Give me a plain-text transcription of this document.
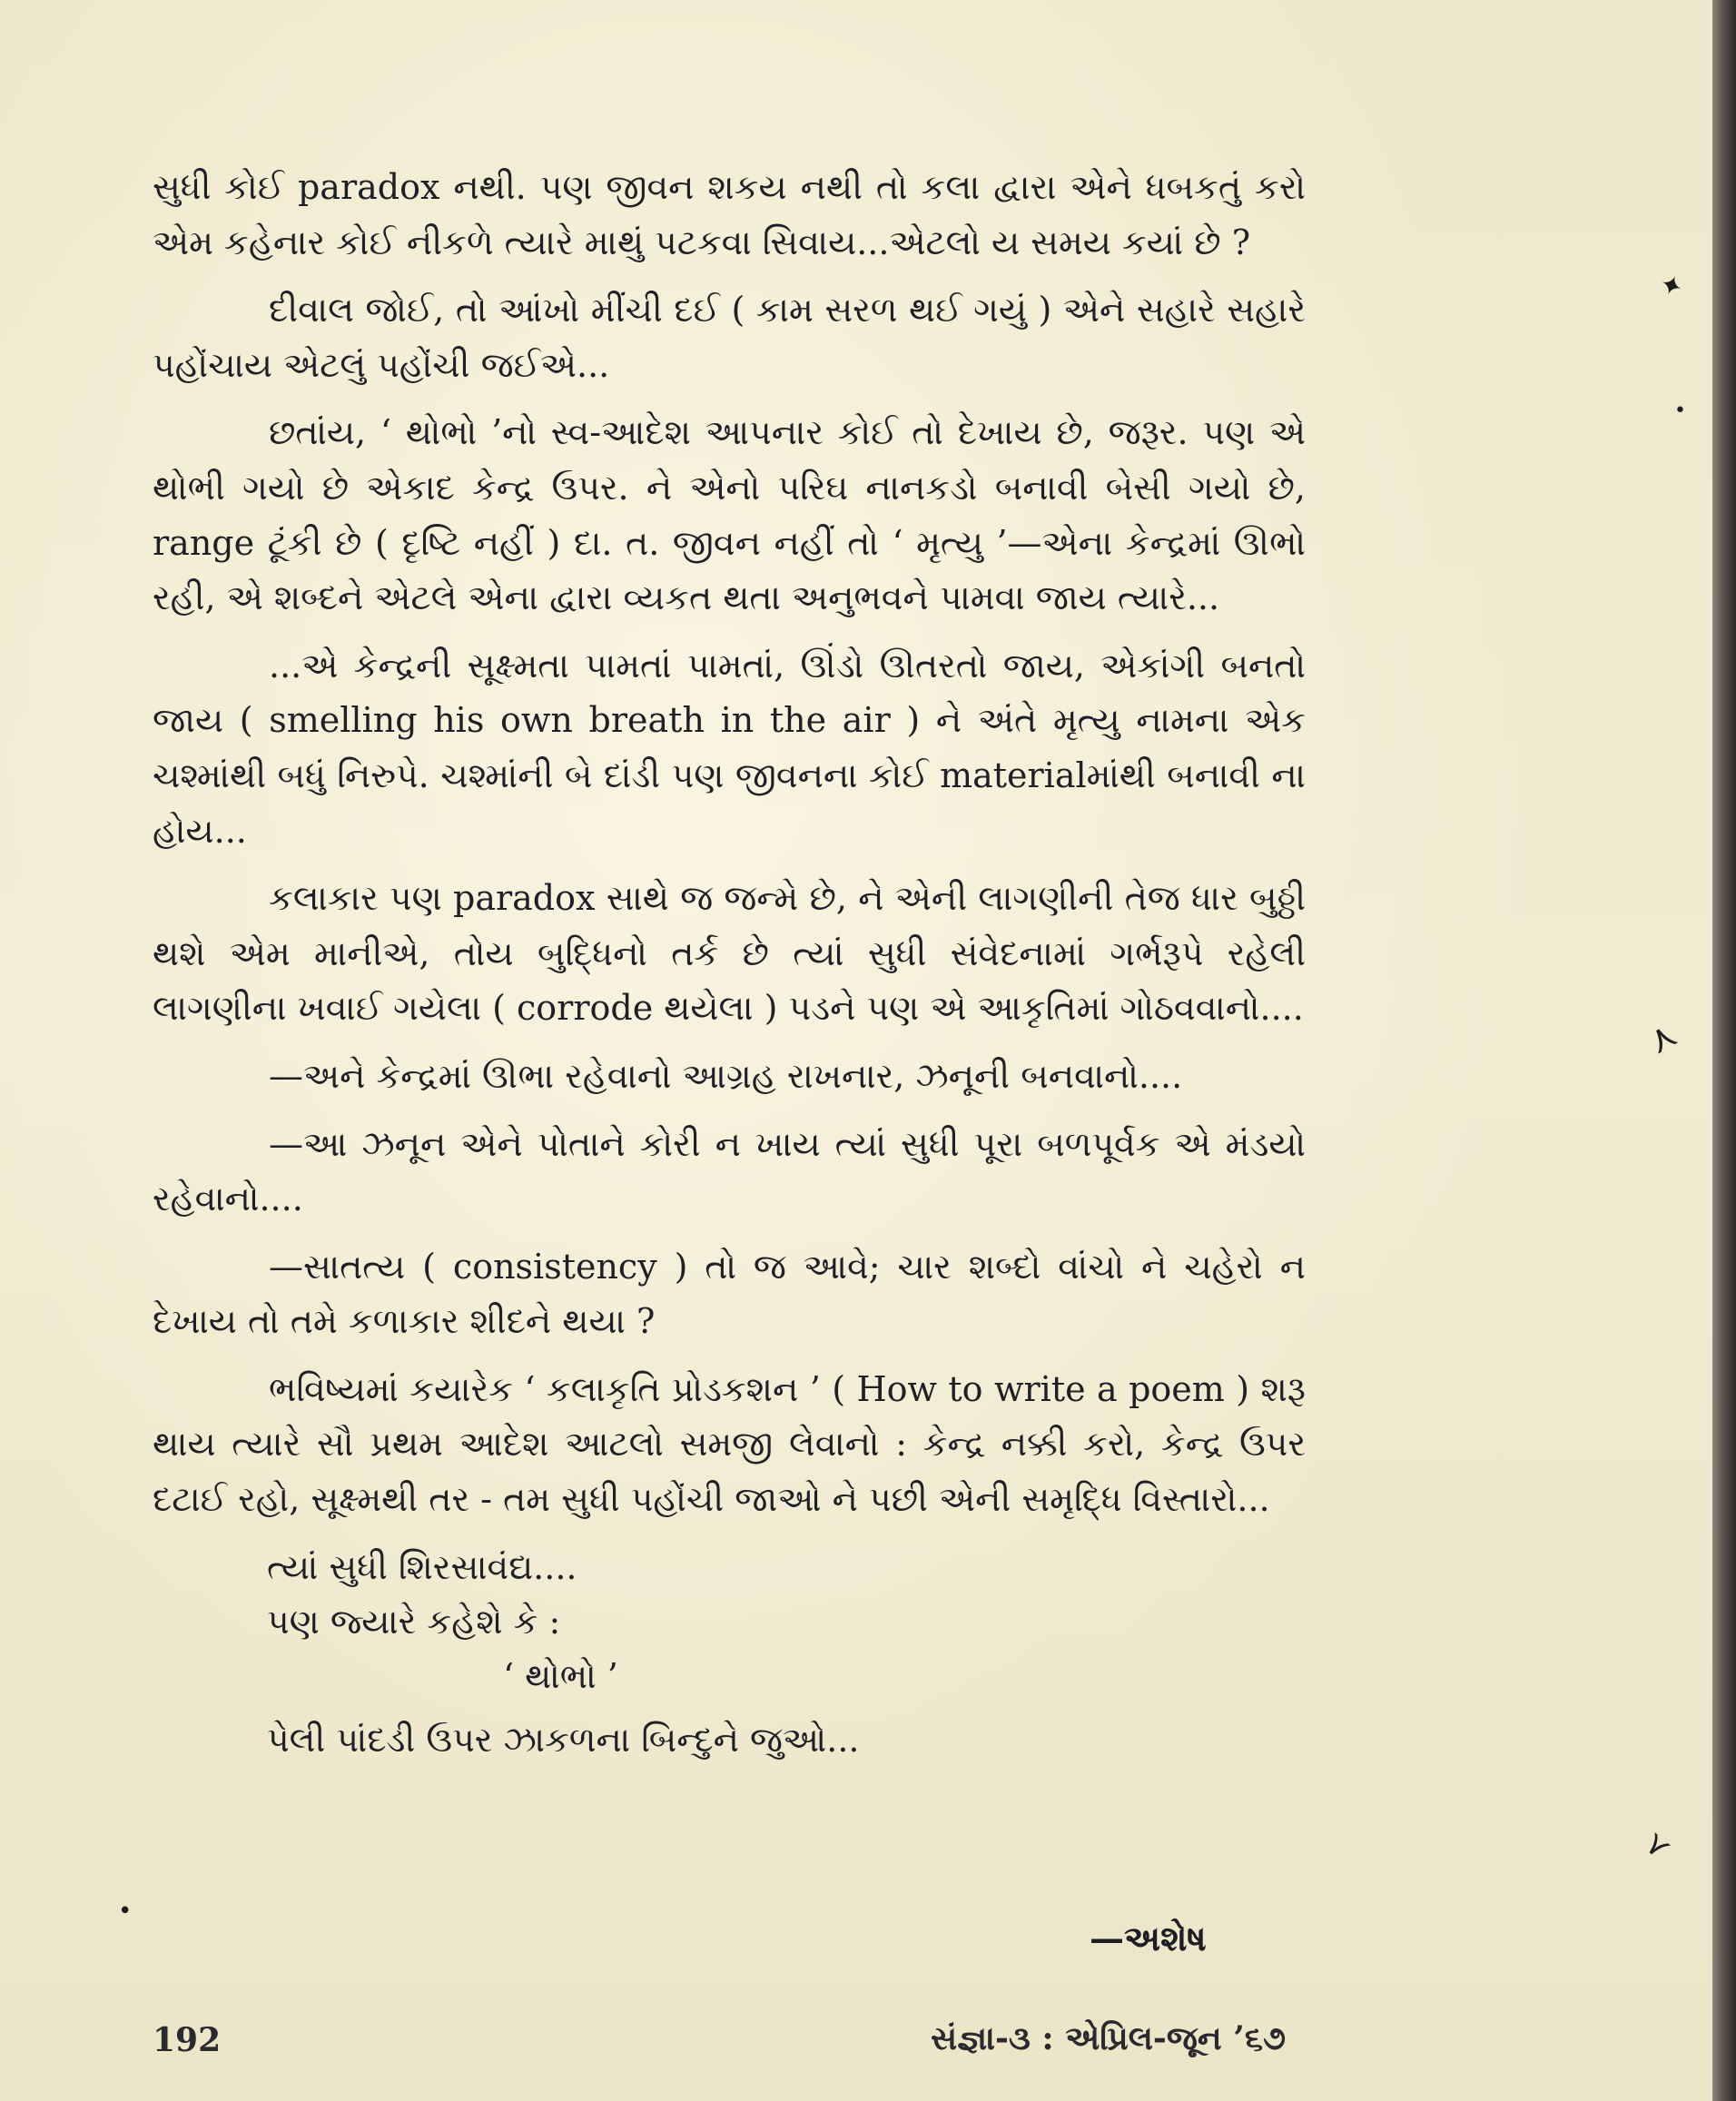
સુધી કોઈ paradox નથી. પણ જીવન શકય નથી તો કલા દ્વારા એને ધબકતું કરો એમ કહેનાર કોઈ નીકળે ત્યારે માથું પટકવા સિવાય...એટલો ય સમય કયાં છે ?

દીવાલ જોઈ, તો આંખો મીંચી દઈ ( કામ સરળ થઈ ગયું ) એને સહારે સહારે પહોંચાય એટલું પહોંચી જઈએ...

છતાંય, ‘ થોભો ’નો સ્વ-આદેશ આપનાર કોઈ તો દેખાય છે, જરૂર. પણ એ થોભી ગયો છે એકાદ કેન્દ્ર ઉપર. ને એનો પરિઘ નાનકડો બનાવી બેસી ગયો છે, range ટૂંકી છે ( દૃષ્ટિ નહીં ) દા. ત. જીવન નહીં તો ‘ મૃત્યુ ’—એના કેન્દ્રમાં ઊભો રહી, એ શબ્દને એટલે એના દ્વારા વ્યકત થતા અનુભવને પામવા જાય ત્યારે...

...એ કેન્દ્રની સૂક્ષ્મતા પામતાં પામતાં, ઊંડો ઊતરતો જાય, એકાંગી બનતો જાય ( smelling his own breath in the air ) ને અંતે મૃત્યુ નામના એક ચશ્માંથી બધું નિરુપે. ચશ્માંની બે દાંડી પણ જીવનના કોઈ materialમાંથી બનાવી ના હોય...

કલાકાર પણ paradox સાથે જ જન્મે છે, ને એની લાગણીની તેજ ધાર બુઠ્ઠી થશે એમ માનીએ, તોય બુદ્ધિનો તર્ક છે ત્યાં સુધી સંવેદનામાં ગર્ભરૂપે રહેલી લાગણીના ખવાઈ ગયેલા ( corrode થયેલા ) પડને પણ એ આકૃતિમાં ગોઠવવાનો....

—અને કેન્દ્રમાં ઊભા રહેવાનો આગ્રહ રાખનાર, ઝનૂની બનવાનો....

—આ ઝનૂન એને પોતાને કોરી ન ખાય ત્યાં સુધી પૂરા બળપૂર્વક એ મંડયો રહેવાનો....

—સાતત્ય ( consistency ) તો જ આવે; ચાર શબ્દો વાંચો ને ચહેરો ન દેખાય તો તમે કળાકાર શીદને થયા ?

ભવિષ્યમાં કયારેક ‘ કલાકૃતિ પ્રોડકશન ’ ( How to write a poem ) શરૂ થાય ત્યારે સૌ પ્રથમ આદેશ આટલો સમજી લેવાનો : કેન્દ્ર નક્કી કરો, કેન્દ્ર ઉપર દટાઈ રહો, સૂક્ષ્મથી તર - તમ સુધી પહોંચી જાઓ ને પછી એની સમૃદ્ધિ વિસ્તારો...

ત્યાં સુધી શિરસાવંદ્ય....
પણ જ્યારે કહેશે કે :
‘ થોભો ’
પેલી પાંદડી ઉપર ઝાકળના બિન્દુને જુઓ...
—અશેષ
192	સંજ્ઞા-૩ : એપ્રિલ-જૂન ’૬૭
✦
•
⋏
⋎
•
